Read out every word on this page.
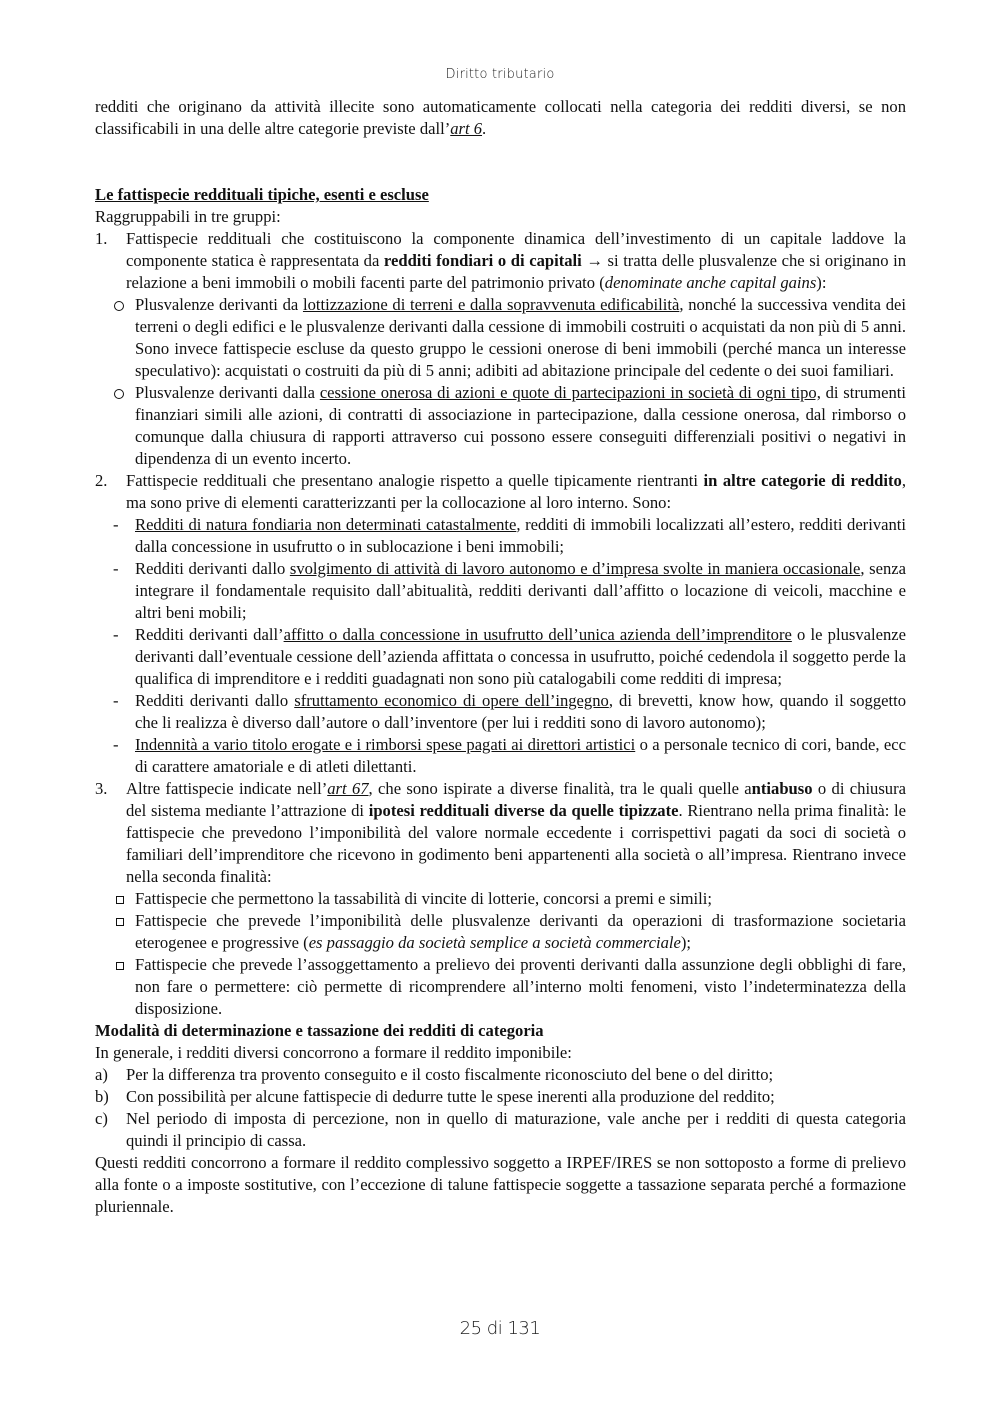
Diritto tributario

redditi che originano da attività illecite sono automaticamente collocati nella categoria dei redditi diversi, se non classificabili in una delle altre categorie previste dall’art 6.

Le fattispecie reddituali tipiche, esenti e escluse

Raggruppabili in tre gruppi:

1. Fattispecie reddituali che costituiscono la componente dinamica dell’investimento di un capitale laddove la componente statica è rappresentata da redditi fondiari o di capitali → si tratta delle plusvalenze che si originano in relazione a beni immobili o mobili facenti parte del patrimonio privato (denominate anche capital gains):
Plusvalenze derivanti da lottizzazione di terreni e dalla sopravvenuta edificabilità, nonché la successiva vendita dei terreni o degli edifici e le plusvalenze derivanti dalla cessione di immobili costruiti o acquistati da non più di 5 anni. Sono invece fattispecie escluse da questo gruppo le cessioni onerose di beni immobili (perché manca un interesse speculativo): acquistati o costruiti da più di 5 anni; adibiti ad abitazione principale del cedente o dei suoi familiari.
Plusvalenze derivanti dalla cessione onerosa di azioni e quote di partecipazioni in società di ogni tipo, di strumenti finanziari simili alle azioni, di contratti di associazione in partecipazione, dalla cessione onerosa, dal rimborso o comunque dalla chiusura di rapporti attraverso cui possono essere conseguiti differenziali positivi o negativi in dipendenza di un evento incerto.
2. Fattispecie reddituali che presentano analogie rispetto a quelle tipicamente rientranti in altre categorie di reddito, ma sono prive di elementi caratterizzanti per la collocazione al loro interno. Sono:
- Redditi di natura fondiaria non determinati catastalmente, redditi di immobili localizzati all’estero, redditi derivanti dalla concessione in usufrutto o in sublocazione i beni immobili;
- Redditi derivanti dallo svolgimento di attività di lavoro autonomo e d’impresa svolte in maniera occasionale, senza integrare il fondamentale requisito dall’abitualità, redditi derivanti dall’affitto o locazione di veicoli, macchine e altri beni mobili;
- Redditi derivanti dall’affitto o dalla concessione in usufrutto dell’unica azienda dell’imprenditore o le plusvalenze derivanti dall’eventuale cessione dell’azienda affittata o concessa in usufrutto, poiché cedendola il soggetto perde la qualifica di imprenditore e i redditi guadagnati non sono più catalogabili come redditi di impresa;
- Redditi derivanti dallo sfruttamento economico di opere dell’ingegno, di brevetti, know how, quando il soggetto che li realizza è diverso dall’autore o dall’inventore (per lui i redditi sono di lavoro autonomo);
- Indennità a vario titolo erogate e i rimborsi spese pagati ai direttori artistici o a personale tecnico di cori, bande, ecc di carattere amatoriale e di atleti dilettanti.
3. Altre fattispecie indicate nell’art 67, che sono ispirate a diverse finalità, tra le quali quelle antiabuso o di chiusura del sistema mediante l’attrazione di ipotesi reddituali diverse da quelle tipizzate. Rientrano nella prima finalità: le fattispecie che prevedono l’imponibilità del valore normale eccedente i corrispettivi pagati da soci di società o familiari dell’imprenditore che ricevono in godimento beni appartenenti alla società o all’impresa. Rientrano invece nella seconda finalità:
Fattispecie che permettono la tassabilità di vincite di lotterie, concorsi a premi e simili;
Fattispecie che prevede l’imponibilità delle plusvalenze derivanti da operazioni di trasformazione societaria eterogenee e progressive (es passaggio da società semplice a società commerciale);
Fattispecie che prevede l’assoggettamento a prelievo dei proventi derivanti dalla assunzione degli obblighi di fare, non fare o permettere: ciò permette di ricomprendere all’interno molti fenomeni, visto l’indeterminatezza della disposizione.

Modalità di determinazione e tassazione dei redditi di categoria

In generale, i redditi diversi concorrono a formare il reddito imponibile:

a) Per la differenza tra provento conseguito e il costo fiscalmente riconosciuto del bene o del diritto;
b) Con possibilità per alcune fattispecie di dedurre tutte le spese inerenti alla produzione del reddito;
c) Nel periodo di imposta di percezione, non in quello di maturazione, vale anche per i redditi di questa categoria quindi il principio di cassa.

Questi redditi concorrono a formare il reddito complessivo soggetto a IRPEF/IRES se non sottoposto a forme di prelievo alla fonte o a imposte sostitutive, con l’eccezione di talune fattispecie soggette a tassazione separata perché a formazione pluriennale.

25 di 131
